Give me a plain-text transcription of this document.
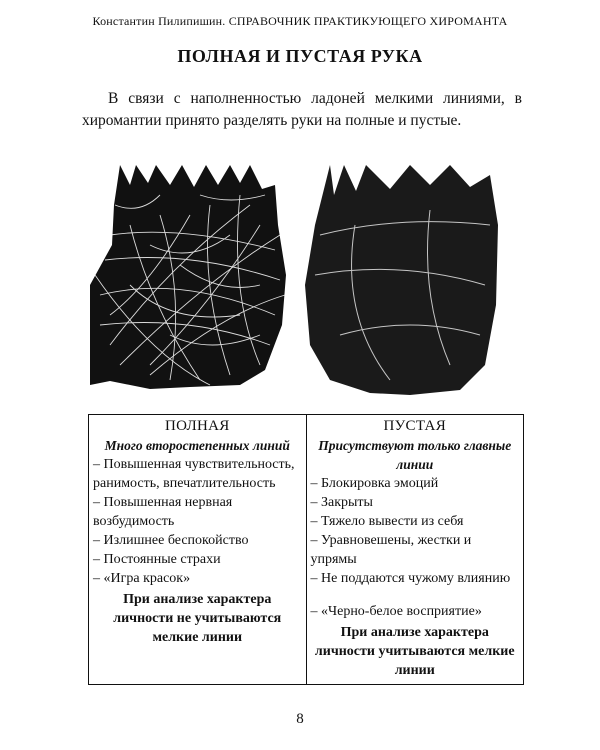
Константин Пилипишин. СПРАВОЧНИК ПРАКТИКУЮЩЕГО ХИРОМАНТА
ПОЛНАЯ И ПУСТАЯ РУКА
В связи с наполненностью ладоней мелкими линиями, в хиромантии принято разделять руки на полные и пустые.
ПОЛНАЯ
Много второстепенных линий
– Повышенная чувствительность, ранимость, впечатлительность
– Повышенная нервная возбудимость
– Излишнее беспокойство
– Постоянные страхи
– «Игра красок»
При анализе характера личности не учитываются мелкие линии

ПУСТАЯ
Присутствуют только главные линии
– Блокировка эмоций
– Закрыты
– Тяжело вывести из себя
– Уравновешены, жестки и упрямы
– Не поддаются чужому влиянию
– «Черно-белое восприятие»
При анализе характера личности учитываются мелкие линии
8
